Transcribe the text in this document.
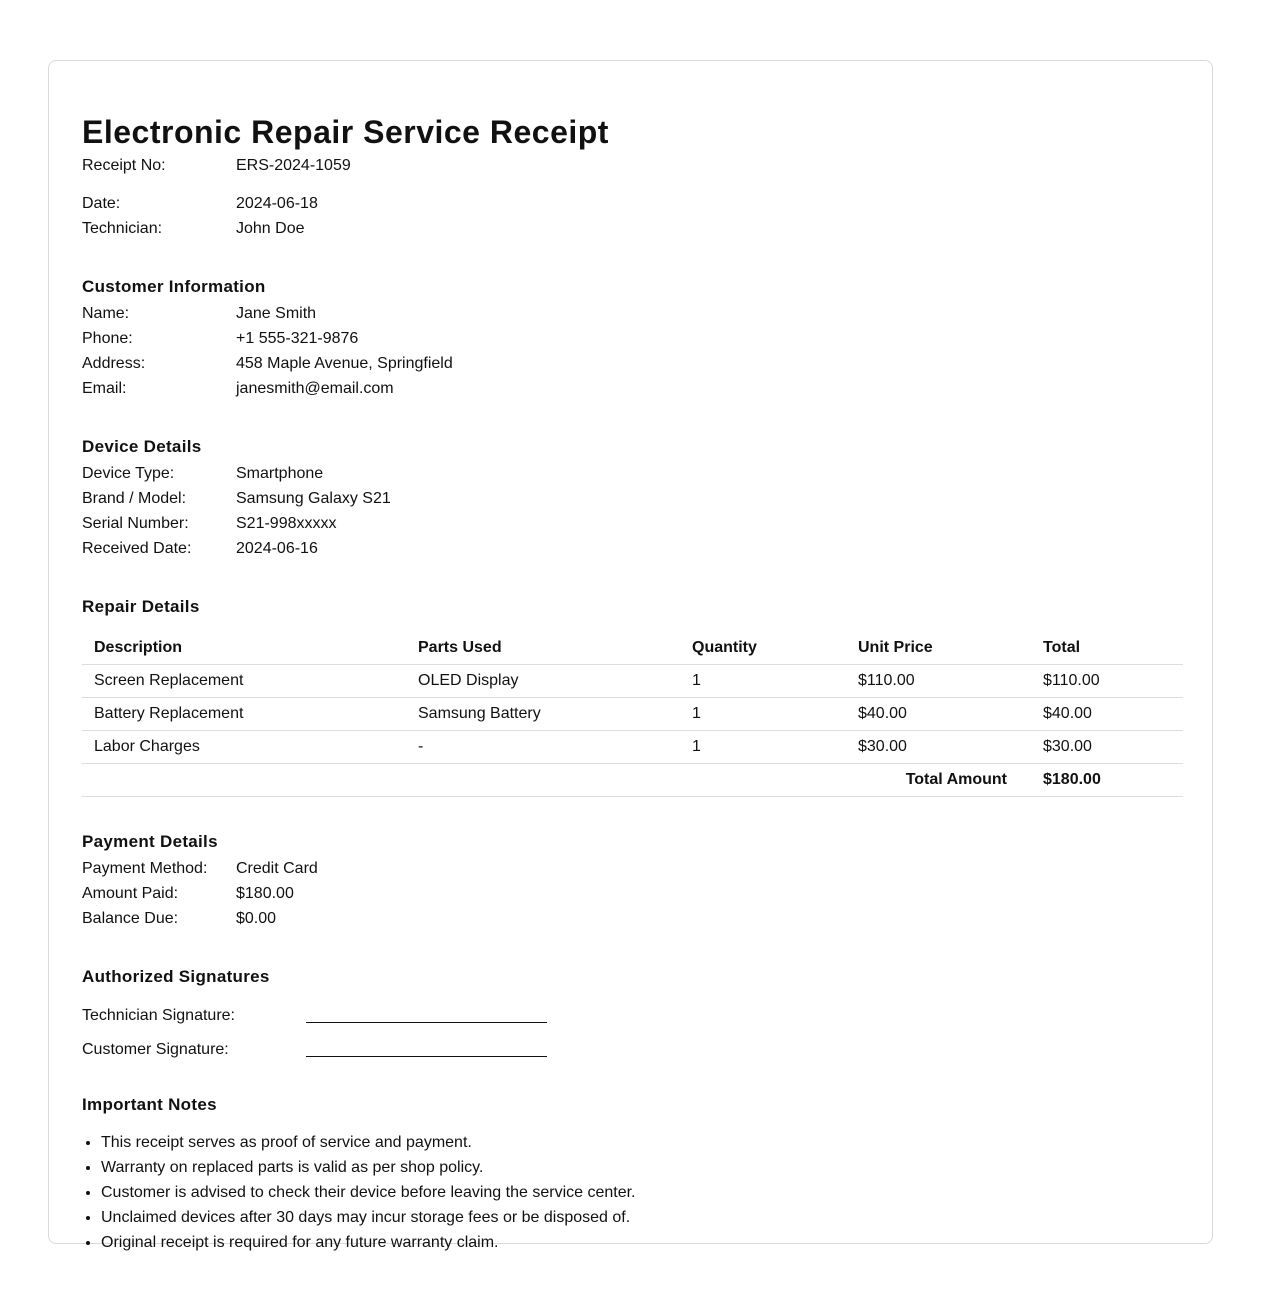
Electronic Repair Service Receipt
Receipt No:	ERS-2024-1059
Date:	2024-06-18
Technician:	John Doe
Customer Information
Name:	Jane Smith
Phone:	+1 555-321-9876
Address:	458 Maple Avenue, Springfield
Email:	janesmith@email.com
Device Details
Device Type:	Smartphone
Brand / Model:	Samsung Galaxy S21
Serial Number:	S21-998xxxxx
Received Date:	2024-06-16
Repair Details
Description	Parts Used	Quantity	Unit Price	Total
Screen Replacement	OLED Display	1	$110.00	$110.00
Battery Replacement	Samsung Battery	1	$40.00	$40.00
Labor Charges	-	1	$30.00	$30.00
Total Amount				$180.00
Payment Details
Payment Method:	Credit Card
Amount Paid:	$180.00
Balance Due:	$0.00
Authorized Signatures
Technician Signature:
Customer Signature:
Important Notes
• This receipt serves as proof of service and payment.
• Warranty on replaced parts is valid as per shop policy.
• Customer is advised to check their device before leaving the service center.
• Unclaimed devices after 30 days may incur storage fees or be disposed of.
• Original receipt is required for any future warranty claim.
